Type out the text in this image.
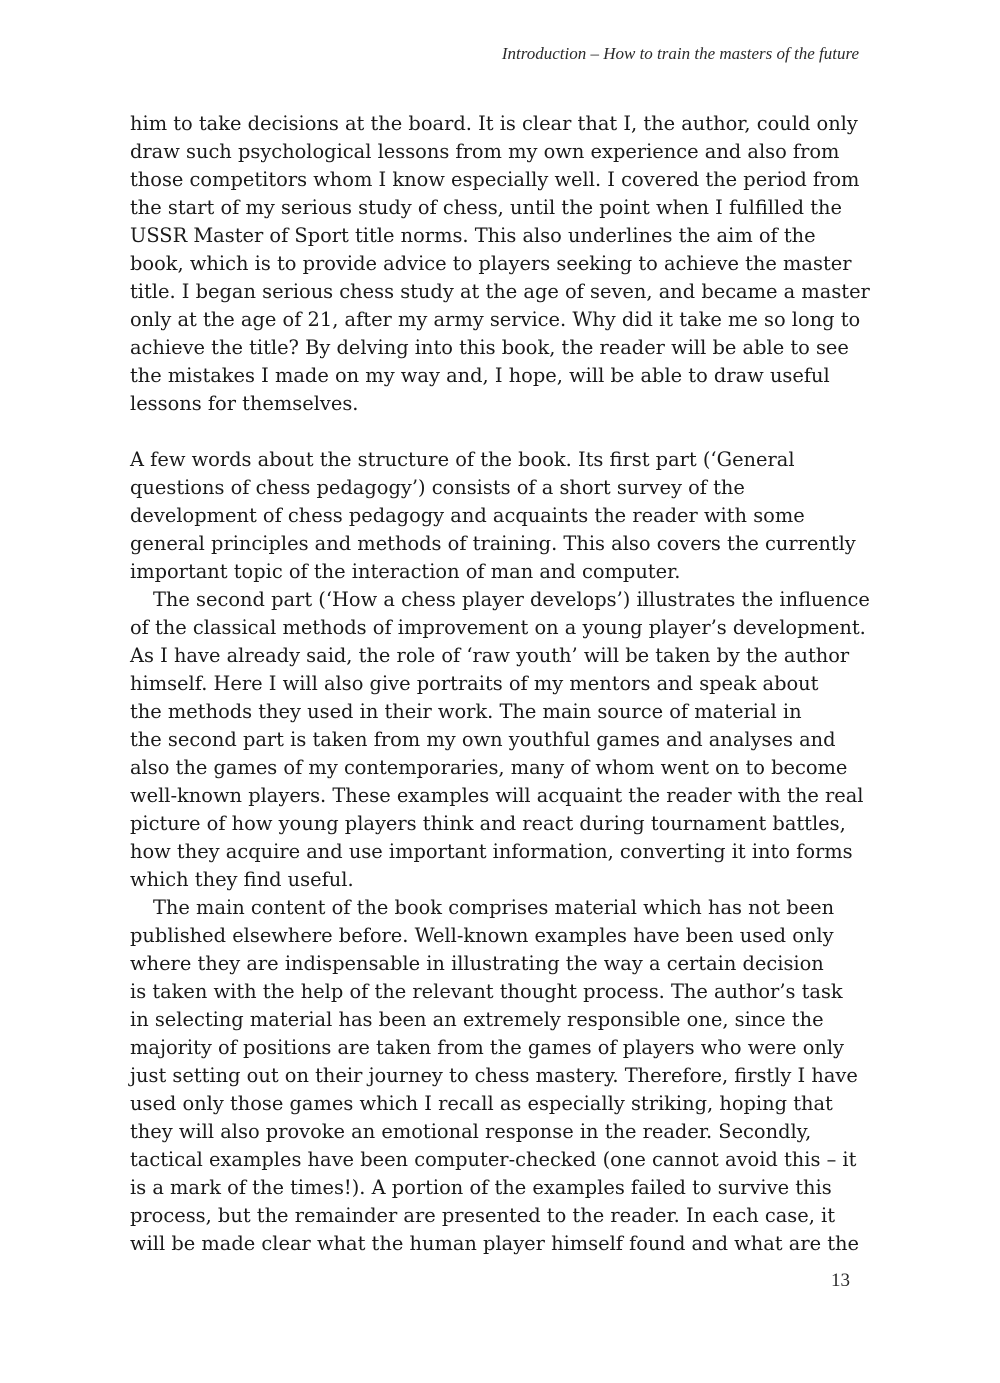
Introduction – How to train the masters of the future
him to take decisions at the board. It is clear that I, the author, could only
draw such psychological lessons from my own experience and also from
those competitors whom I know especially well. I covered the period from
the start of my serious study of chess, until the point when I fulfilled the
USSR Master of Sport title norms. This also underlines the aim of the
book, which is to provide advice to players seeking to achieve the master
title. I began serious chess study at the age of seven, and became a master
only at the age of 21, after my army service. Why did it take me so long to
achieve the title? By delving into this book, the reader will be able to see
the mistakes I made on my way and, I hope, will be able to draw useful
lessons for themselves.
A few words about the structure of the book. Its first part (‘General
questions of chess pedagogy’) consists of a short survey of the
development of chess pedagogy and acquaints the reader with some
general principles and methods of training. This also covers the currently
important topic of the interaction of man and computer.
The second part (‘How a chess player develops’) illustrates the influence
of the classical methods of improvement on a young player’s development.
As I have already said, the role of ‘raw youth’ will be taken by the author
himself. Here I will also give portraits of my mentors and speak about
the methods they used in their work. The main source of material in
the second part is taken from my own youthful games and analyses and
also the games of my contemporaries, many of whom went on to become
well-known players. These examples will acquaint the reader with the real
picture of how young players think and react during tournament battles,
how they acquire and use important information, converting it into forms
which they find useful.
The main content of the book comprises material which has not been
published elsewhere before. Well-known examples have been used only
where they are indispensable in illustrating the way a certain decision
is taken with the help of the relevant thought process. The author’s task
in selecting material has been an extremely responsible one, since the
majority of positions are taken from the games of players who were only
just setting out on their journey to chess mastery. Therefore, firstly I have
used only those games which I recall as especially striking, hoping that
they will also provoke an emotional response in the reader. Secondly,
tactical examples have been computer-checked (one cannot avoid this – it
is a mark of the times!). A portion of the examples failed to survive this
process, but the remainder are presented to the reader. In each case, it
will be made clear what the human player himself found and what are the
13
